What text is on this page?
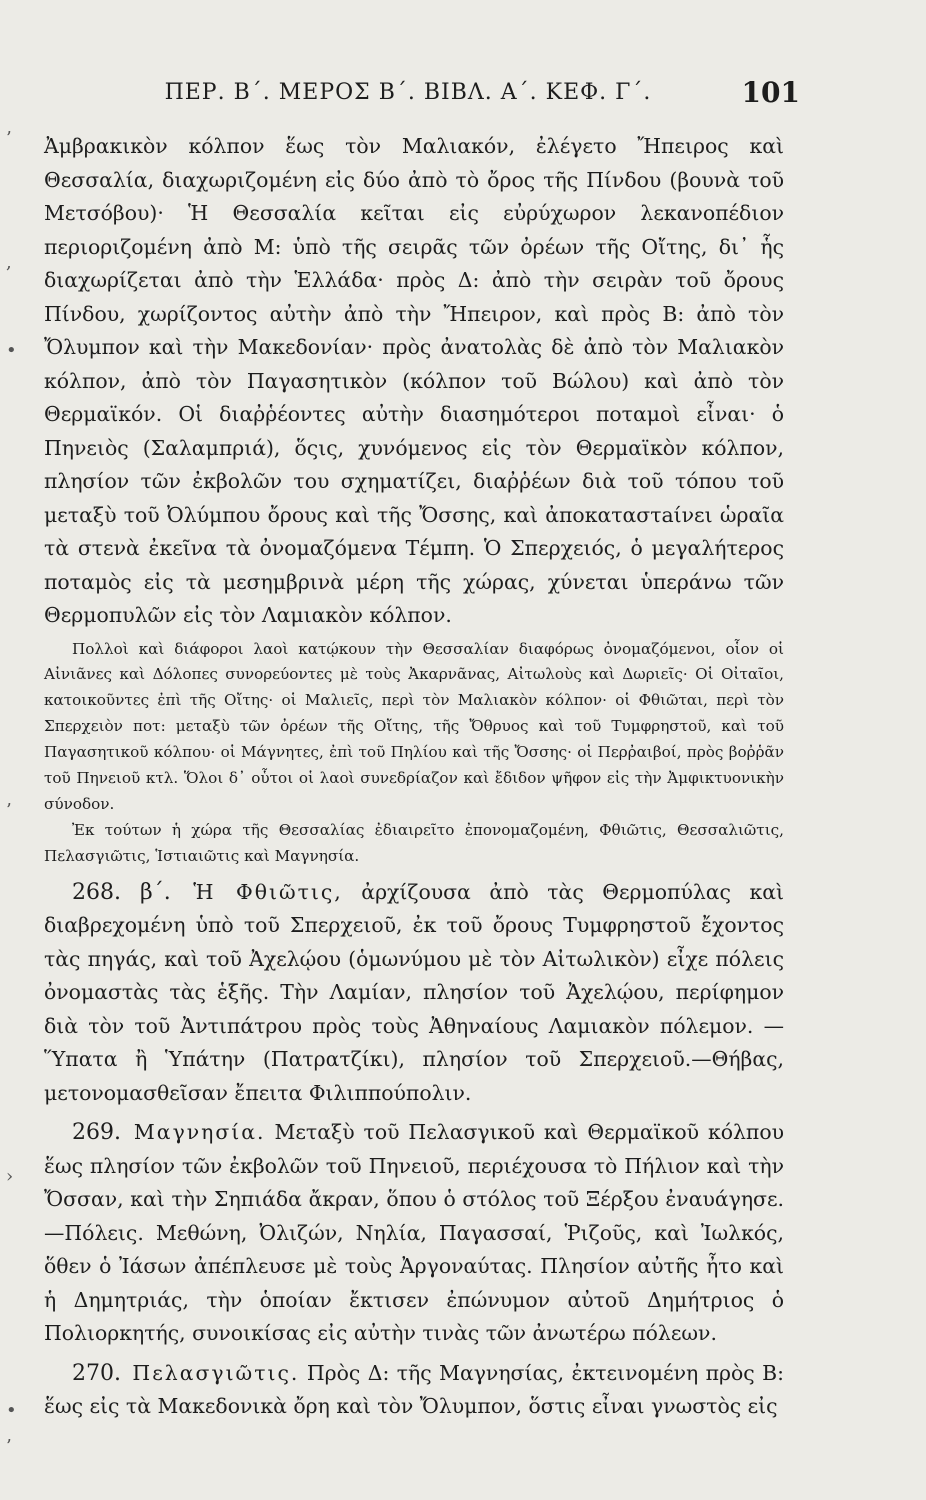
ΠΕΡ. Β΄. ΜΕΡΟΣ Β΄. ΒΙΒΛ. Α΄. ΚΕΦ. Γ΄.	101
’
,
•
’
›
•
’

Ἀμβρακικὸν κόλπον ἕως τὸν Μαλιακόν, ἐλέγετο Ἤπειρος καὶ Θεσσαλία, διαχωριζομένη εἰς δύο ἀπὸ τὸ ὄρος τῆς Πίνδου (βουνὰ τοῦ Μετσόβου)· Ἡ Θεσσαλία κεῖται εἰς εὐρύχωρον λεκανοπέδιον περιοριζομένη ἀπὸ Μ: ὑπὸ τῆς σειρᾶς τῶν ὀρέων τῆς Οἴτης, δι᾽ ἧς διαχωρίζεται ἀπὸ τὴν Ἑλλάδα· πρὸς Δ: ἀπὸ τὴν σειρὰν τοῦ ὄρους Πίνδου, χωρίζοντος αὐτὴν ἀπὸ τὴν Ἤπειρον, καὶ πρὸς Β: ἀπὸ τὸν Ὄλυμπον καὶ τὴν Μακεδονίαν· πρὸς ἀνατολὰς δὲ ἀπὸ τὸν Μαλιακὸν κόλπον, ἀπὸ τὸν Παγασητικὸν (κόλπον τοῦ Βώλου) καὶ ἀπὸ τὸν Θερμαϊκόν. Οἱ διαῤῥέοντες αὐτὴν διασημότεροι ποταμοὶ εἶναι· ὁ Πηνειὸς (Σαλαμπριά), ὅςις, χυνόμενος εἰς τὸν Θερμαϊκὸν κόλπον, πλησίον τῶν ἐκβολῶν του σχηματίζει, διαῤῥέων διὰ τοῦ τόπου τοῦ μεταξὺ τοῦ Ὀλύμπου ὄρους καὶ τῆς Ὄσσης, καὶ ἀποκαταστaίνει ὡραῖα τὰ στενὰ ἐκεῖνα τὰ ὀνομαζόμενα Τέμπη. Ὁ Σπερχειός, ὁ μεγαλήτερος ποταμὸς εἰς τὰ μεσημβρινὰ μέρη τῆς χώρας, χύνεται ὑπεράνω τῶν Θερμοπυλῶν εἰς τὸν Λαμιακὸν κόλπον.

Πολλοὶ καὶ διάφοροι λαοὶ κατῴκουν τὴν Θεσσαλίαν διαφόρως ὀνομαζόμενοι, οἷον οἱ Αἰνιᾶνες καὶ Δόλοπες συνορεύοντες μὲ τοὺς Ἀκαρνᾶνας, Αἰτωλοὺς καὶ Δωριεῖς· Οἱ Οἰταῖοι, κατοικοῦντες ἐπὶ τῆς Οἴτης· οἱ Μαλιεῖς, περὶ τὸν Μαλιακὸν κόλπον· οἱ Φθιῶται, περὶ τὸν Σπερχειὸν ποτ: μεταξὺ τῶν ὀρέων τῆς Οἴτης, τῆς Ὄθρυος καὶ τοῦ Τυμφρηστοῦ, καὶ τοῦ Παγασητικοῦ κόλπου· οἱ Μάγνητες, ἐπὶ τοῦ Πηλίου καὶ τῆς Ὄσσης· οἱ Περῤαιβοί, πρὸς βοῤῥᾶν τοῦ Πηνειοῦ κτλ. Ὅλοι δ᾽ οὗτοι οἱ λαοὶ συνεδρίαζον καὶ ἔδιδον ψῆφον εἰς τὴν Ἀμφικτυονικὴν σύνοδον.

Ἐκ τούτων ἡ χώρα τῆς Θεσσαλίας ἐδιαιρεῖτο ἐπονομαζομένη, Φθιῶτις, Θεσσαλιῶτις, Πελασγιῶτις, Ἱστιαιῶτις καὶ Μαγνησία.

268. β΄. Ἡ Φθιῶτις, ἀρχίζουσα ἀπὸ τὰς Θερμοπύλας καὶ διαβρεχομένη ὑπὸ τοῦ Σπερχειοῦ, ἐκ τοῦ ὄρους Τυμφρηστοῦ ἔχοντος τὰς πηγάς, καὶ τοῦ Ἀχελῴου (ὁμωνύμου μὲ τὸν Αἰτωλικὸν) εἶχε πόλεις ὀνομαστὰς τὰς ἑξῆς. Τὴν Λαμίαν, πλησίον τοῦ Ἀχελῴου, περίφημον διὰ τὸν τοῦ Ἀντιπάτρου πρὸς τοὺς Ἀθηναίους Λαμιακὸν πόλεμον. — Ὕπατα ἢ Ὑπάτην (Πατρατζίκι), πλησίον τοῦ Σπερχειοῦ.—Θήβας, μετονομασθεῖσαν ἔπειτα Φιλιππούπολιν.

269. Μαγνησία. Μεταξὺ τοῦ Πελασγικοῦ καὶ Θερμαϊκοῦ κόλπου ἕως πλησίον τῶν ἐκβολῶν τοῦ Πηνειοῦ, περιέχουσα τὸ Πήλιον καὶ τὴν Ὄσσαν, καὶ τὴν Σηπιάδα ἄκραν, ὅπου ὁ στόλος τοῦ Ξέρξου ἐναυάγησε. —Πόλεις. Μεθώνη, Ὀλιζών, Νηλία, Παγασσαί, Ῥιζοῦς, καὶ Ἰωλκός, ὅθεν ὁ Ἰάσων ἀπέπλευσε μὲ τοὺς Ἀργοναύτας. Πλησίον αὐτῆς ἦτο καὶ ἡ Δημητριάς, τὴν ὁποίαν ἔκτισεν ἐπώνυμον αὐτοῦ Δημήτριος ὁ Πολιορκητής, συνοικίσας εἰς αὐτὴν τινὰς τῶν ἀνωτέρω πόλεων.

270. Πελασγιῶτις. Πρὸς Δ: τῆς Μαγνησίας, ἐκτεινομένη πρὸς Β: ἕως εἰς τὰ Μακεδονικὰ ὄρη καὶ τὸν Ὄλυμπον, ὅστις εἶναι γνωστὸς εἰς
